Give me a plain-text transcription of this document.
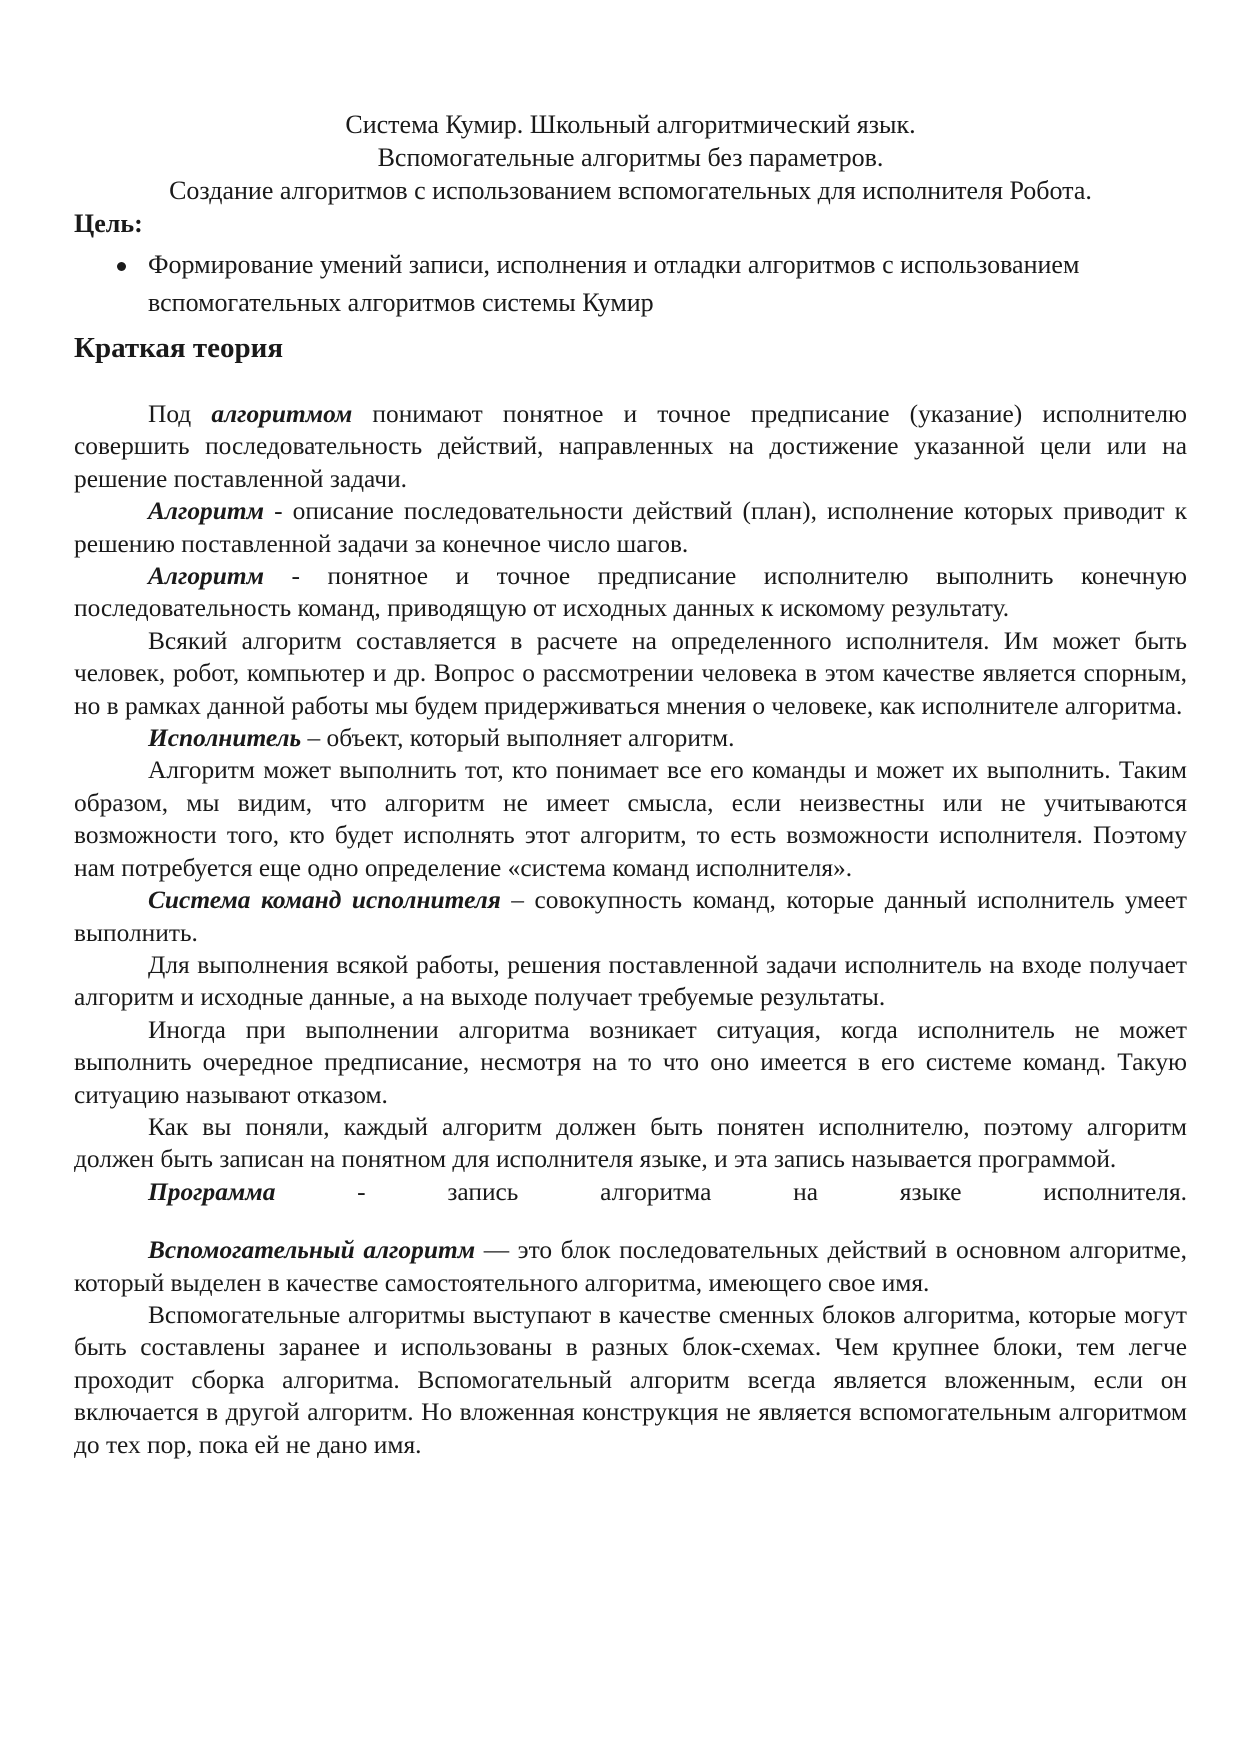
Система Кумир. Школьный алгоритмический язык.
Вспомогательные алгоритмы без параметров.
Создание алгоритмов с использованием вспомогательных для исполнителя Робота.
Цель:
Формирование умений записи, исполнения и отладки алгоритмов с использованием вспомогательных алгоритмов системы Кумир
Краткая теория

Под алгоритмом понимают понятное и точное предписание (указание) исполнителю совершить последовательность действий, направленных на достижение указанной цели или на решение поставленной задачи.

Алгоритм - описание последовательности действий (план), исполнение которых приводит к решению поставленной задачи за конечное число шагов.

Алгоритм - понятное и точное предписание исполнителю выполнить конечную последовательность команд, приводящую от исходных данных к искомому результату.

Всякий алгоритм составляется в расчете на определенного исполнителя. Им может быть человек, робот, компьютер и др. Вопрос о рассмотрении человека в этом качестве является спорным, но в рамках данной работы мы будем придерживаться мнения о человеке, как исполнителе алгоритма.

Исполнитель – объект, который выполняет алгоритм.

Алгоритм может выполнить тот, кто понимает все его команды и может их выполнить. Таким образом, мы видим, что алгоритм не имеет смысла, если неизвестны или не учитываются возможности того, кто будет исполнять этот алгоритм, то есть возможности исполнителя. Поэтому нам потребуется еще одно определение «система команд исполнителя».

Система команд исполнителя – совокупность команд, которые данный исполнитель умеет выполнить.

Для выполнения всякой работы, решения поставленной задачи исполнитель на входе получает алгоритм и исходные данные, а на выходе получает требуемые результаты.

Иногда при выполнении алгоритма возникает ситуация, когда исполнитель не может выполнить очередное предписание, несмотря на то что оно имеется в его системе команд. Такую ситуацию называют отказом.

Как вы поняли, каждый алгоритм должен быть понятен исполнителю, поэтому алгоритм должен быть записан на понятном для исполнителя языке, и эта запись называется программой.

Программа - запись алгоритма на языке исполнителя.

Вспомогательный алгоритм — это блок последовательных действий в основном алгоритме, который выделен в качестве самостоятельного алгоритма, имеющего свое имя.

Вспомогательные алгоритмы выступают в качестве сменных блоков алгоритма, которые могут быть составлены заранее и использованы в разных блок-схемах. Чем крупнее блоки, тем легче проходит сборка алгоритма. Вспомогательный алгоритм всегда является вложенным, если он включается в другой алгоритм. Но вложенная конструкция не является вспомогательным алгоритмом до тех пор, пока ей не дано имя.
